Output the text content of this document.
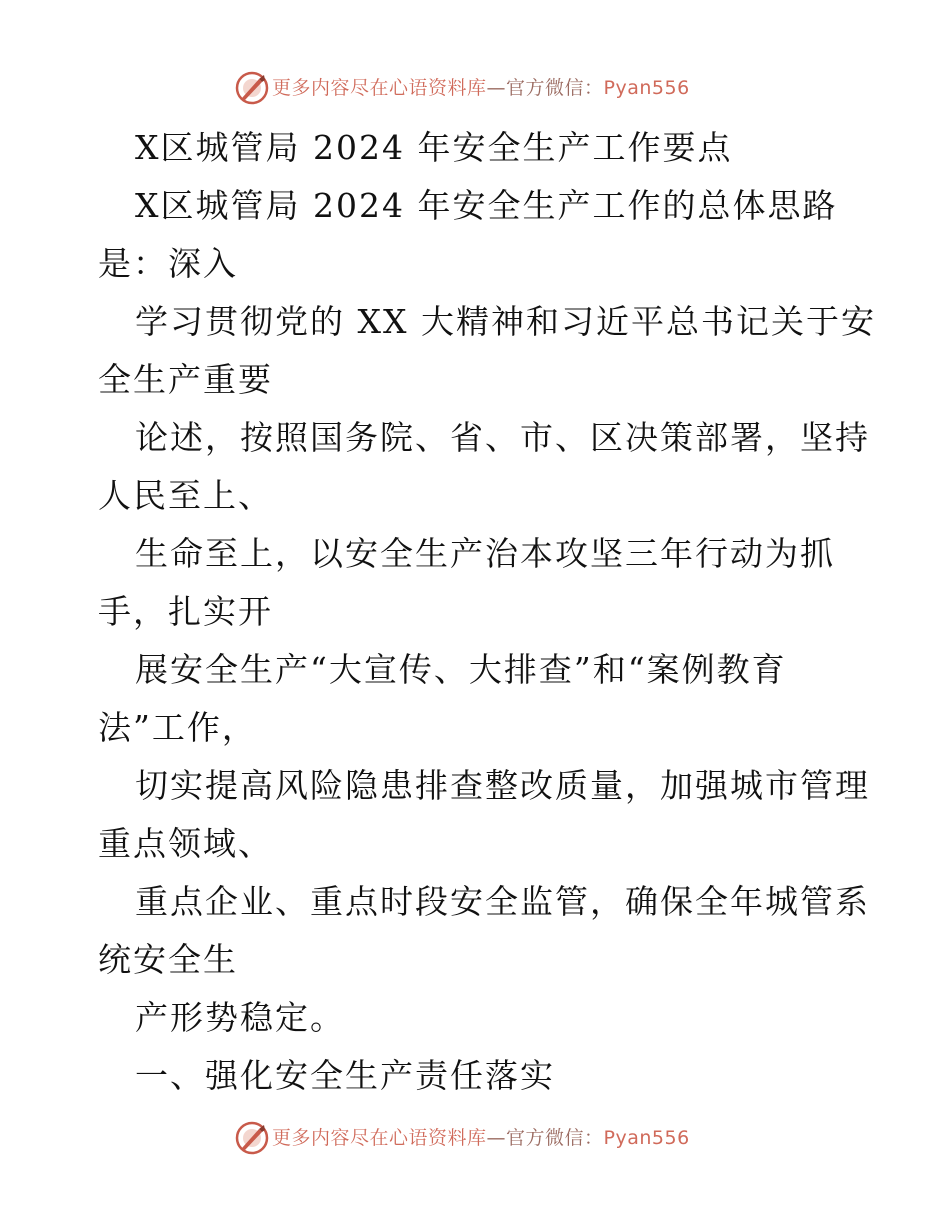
更多内容尽在心语资料库—官方微信：Pyan556
X区城管局 2024 年安全生产工作要点
X区城管局 2024 年安全生产工作的总体思路
是：深入
学习贯彻党的 XX 大精神和习近平总书记关于安
全生产重要
论述，按照国务院、省、市、区决策部署，坚持
人民至上、
生命至上，以安全生产治本攻坚三年行动为抓
手，扎实开
展安全生产“大宣传、大排查”和“案例教育
法”工作，
切实提高风险隐患排查整改质量，加强城市管理
重点领域、
重点企业、重点时段安全监管，确保全年城管系
统安全生
产形势稳定。
一、强化安全生产责任落实
更多内容尽在心语资料库—官方微信：Pyan556
